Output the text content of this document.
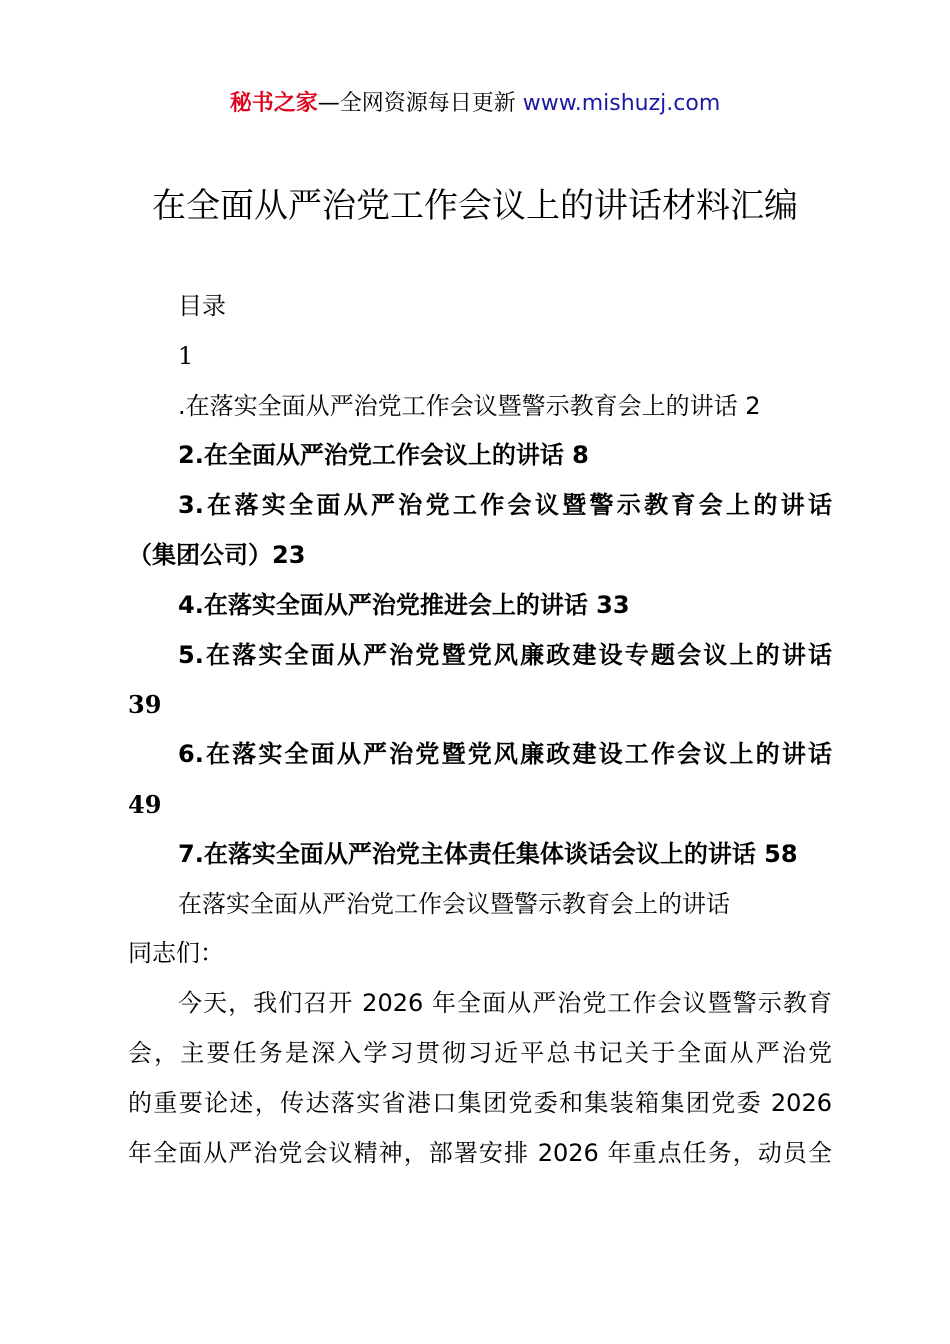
秘书之家—全网资源每日更新 www.mishuzj.com
在全面从严治党工作会议上的讲话材料汇编
目录
1
.在落实全面从严治党工作会议暨警示教育会上的讲话 2
2.在全面从严治党工作会议上的讲话 8
3.在落实全面从严治党工作会议暨警示教育会上的讲话
（集团公司）23
4.在落实全面从严治党推进会上的讲话 33
5.在落实全面从严治党暨党风廉政建设专题会议上的讲话
39
6.在落实全面从严治党暨党风廉政建设工作会议上的讲话
49
7.在落实全面从严治党主体责任集体谈话会议上的讲话 58
在落实全面从严治党工作会议暨警示教育会上的讲话
同志们：
今天，我们召开 2026 年全面从严治党工作会议暨警示教育
会，主要任务是深入学习贯彻习近平总书记关于全面从严治党
的重要论述，传达落实省港口集团党委和集装箱集团党委 2026
年全面从严治党会议精神，部署安排 2026 年重点任务，动员全
